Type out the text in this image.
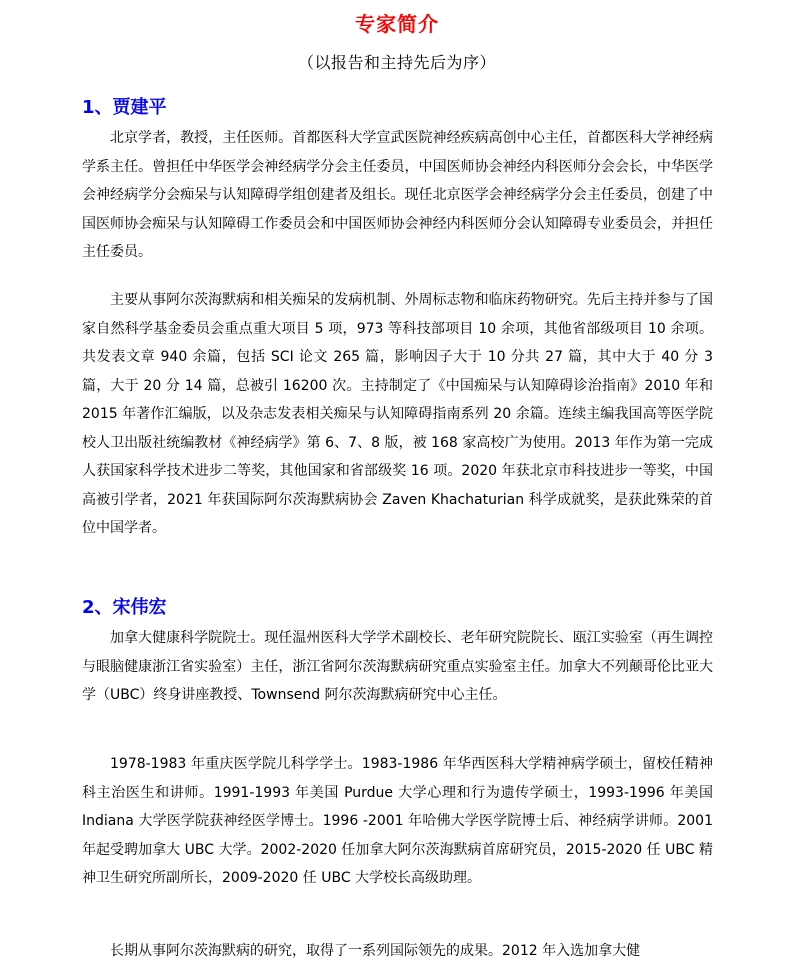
专家简介
（以报告和主持先后为序）
1、贾建平

北京学者，教授，主任医师。首都医科大学宣武医院神经疾病高创中心主任，首都医科大学神经病学系主任。曾担任中华医学会神经病学分会主任委员，中国医师协会神经内科医师分会会长，中华医学会神经病学分会痴呆与认知障碍学组创建者及组长。现任北京医学会神经病学分会主任委员，创建了中国医师协会痴呆与认知障碍工作委员会和中国医师协会神经内科医师分会认知障碍专业委员会，并担任主任委员。

主要从事阿尔茨海默病和相关痴呆的发病机制、外周标志物和临床药物研究。先后主持并参与了国家自然科学基金委员会重点重大项目 5 项，973 等科技部项目 10 余项，其他省部级项目 10 余项。共发表文章 940 余篇，包括 SCI 论文 265 篇，影响因子大于 10 分共 27 篇，其中大于 40 分 3 篇，大于 20 分 14 篇，总被引 16200 次。主持制定了《中国痴呆与认知障碍诊治指南》2010 年和 2015 年著作汇编版，以及杂志发表相关痴呆与认知障碍指南系列 20 余篇。连续主编我国高等医学院校人卫出版社统编教材《神经病学》第 6、7、8 版，被 168 家高校广为使用。2013 年作为第一完成人获国家科学技术进步二等奖，其他国家和省部级奖 16 项。2020 年获北京市科技进步一等奖，中国高被引学者，2021 年获国际阿尔茨海默病协会 Zaven Khachaturian 科学成就奖，是获此殊荣的首位中国学者。

2、宋伟宏

加拿大健康科学院院士。现任温州医科大学学术副校长、老年研究院院长、瓯江实验室（再生调控与眼脑健康浙江省实验室）主任，浙江省阿尔茨海默病研究重点实验室主任。加拿大不列颠哥伦比亚大学（UBC）终身讲座教授、Townsend 阿尔茨海默病研究中心主任。

1978-1983 年重庆医学院儿科学学士。1983-1986 年华西医科大学精神病学硕士，留校任精神科主治医生和讲师。1991-1993 年美国 Purdue 大学心理和行为遗传学硕士，1993-1996 年美国 Indiana 大学医学院获神经医学博士。1996 -2001 年哈佛大学医学院博士后、神经病学讲师。2001 年起受聘加拿大 UBC 大学。2002-2020 任加拿大阿尔茨海默病首席研究员，2015-2020 任 UBC 精神卫生研究所副所长，2009-2020 任 UBC 大学校长高级助理。

长期从事阿尔茨海默病的研究，取得了一系列国际领先的成果。2012 年入选加拿大健
